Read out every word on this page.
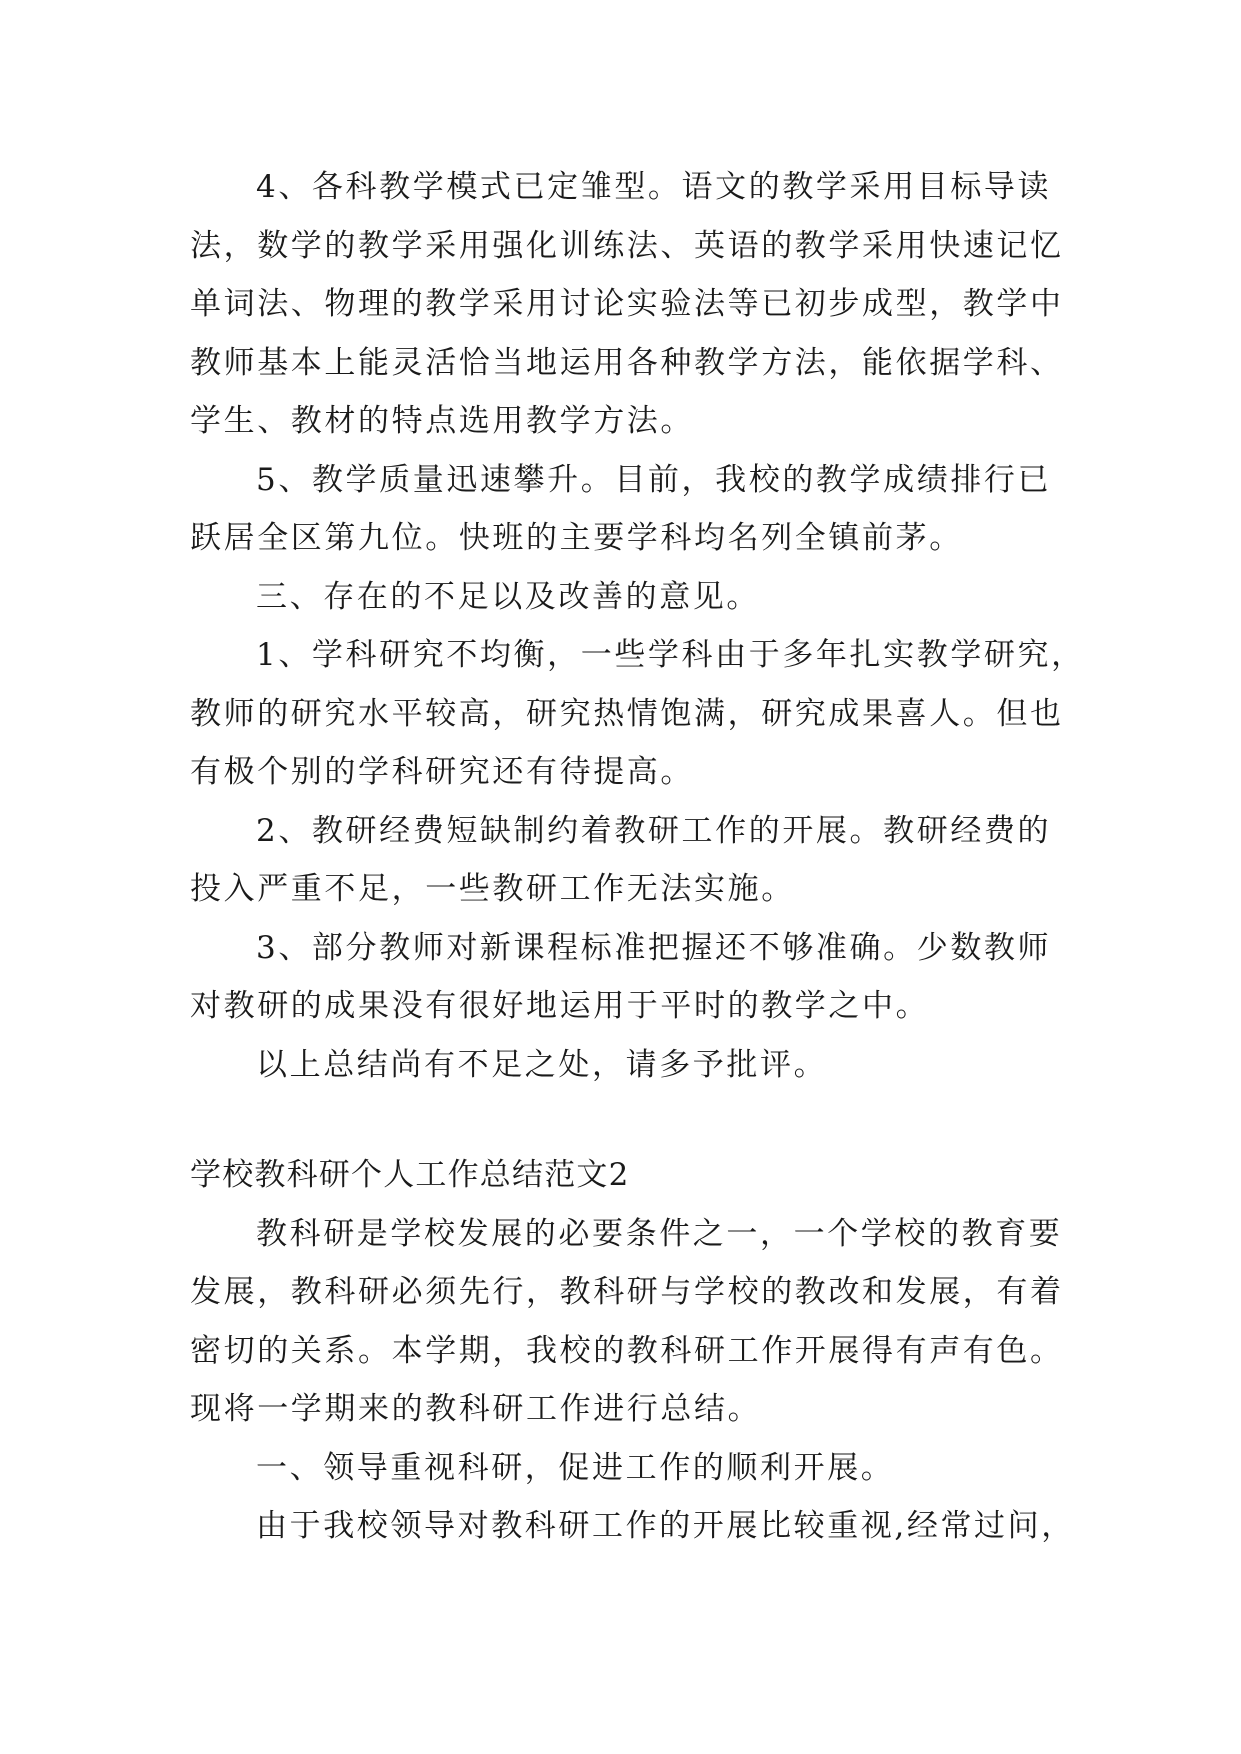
4、各科教学模式已定雏型。语文的教学采用目标导读
法，数学的教学采用强化训练法、英语的教学采用快速记忆
单词法、物理的教学采用讨论实验法等已初步成型，教学中
教师基本上能灵活恰当地运用各种教学方法，能依据学科、
学生、教材的特点选用教学方法。
5、教学质量迅速攀升。目前，我校的教学成绩排行已
跃居全区第九位。快班的主要学科均名列全镇前茅。
三、存在的不足以及改善的意见。
1、学科研究不均衡，一些学科由于多年扎实教学研究，
教师的研究水平较高，研究热情饱满，研究成果喜人。但也
有极个别的学科研究还有待提高。
2、教研经费短缺制约着教研工作的开展。教研经费的
投入严重不足，一些教研工作无法实施。
3、部分教师对新课程标准把握还不够准确。少数教师
对教研的成果没有很好地运用于平时的教学之中。
以上总结尚有不足之处，请多予批评。
学校教科研个人工作总结范文2
教科研是学校发展的必要条件之一，一个学校的教育要
发展，教科研必须先行，教科研与学校的教改和发展，有着
密切的关系。本学期，我校的教科研工作开展得有声有色。
现将一学期来的教科研工作进行总结。
一、领导重视科研，促进工作的顺利开展。
由于我校领导对教科研工作的开展比较重视,经常过问，
